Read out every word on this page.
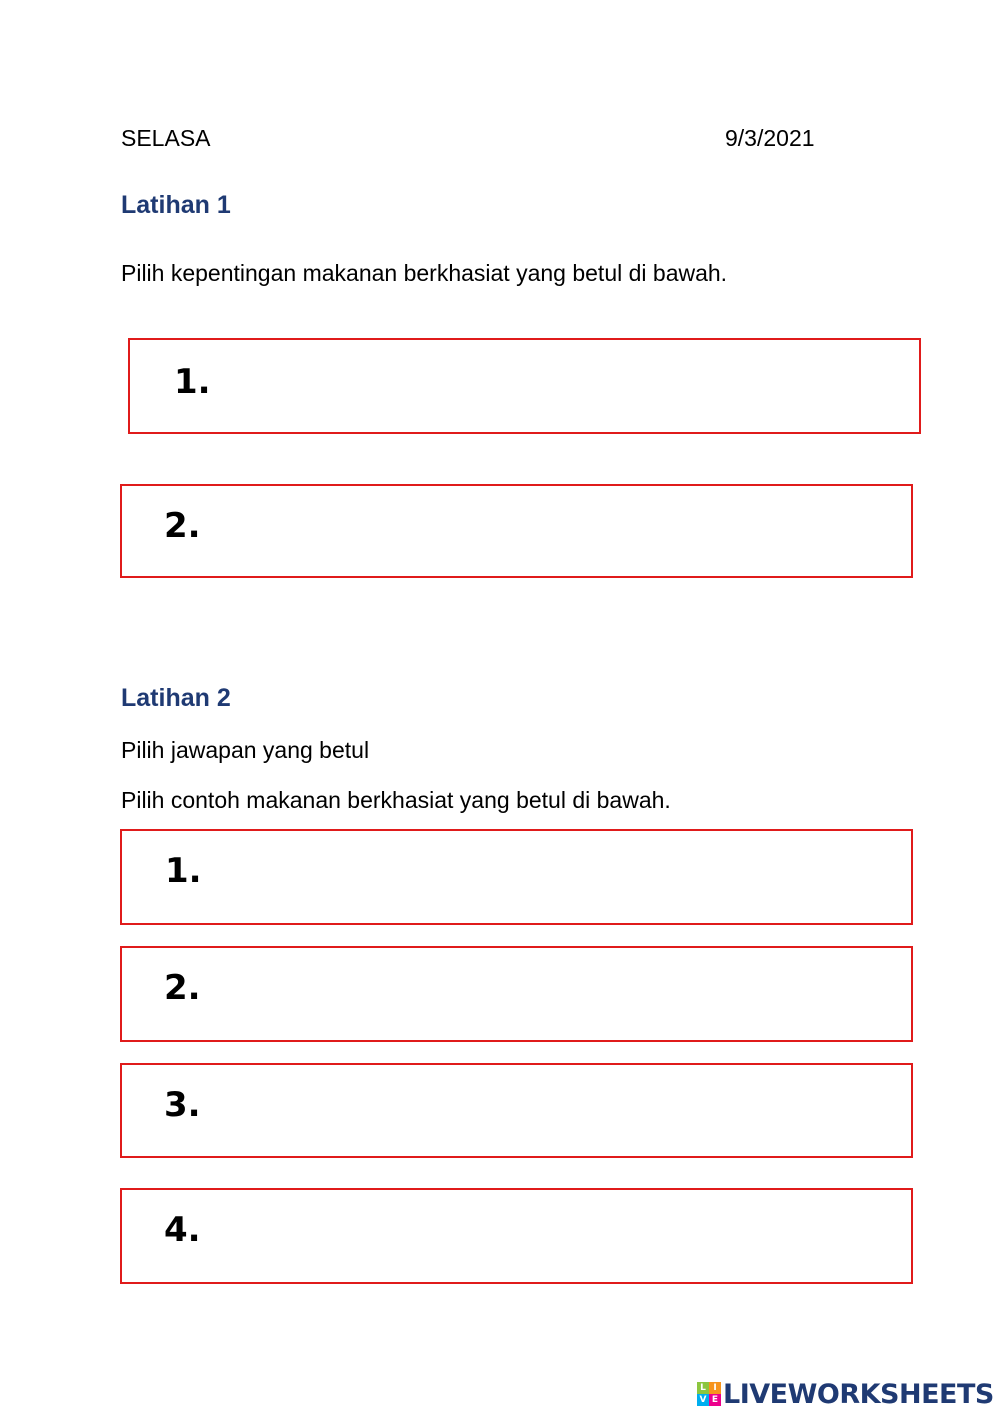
SELASA	9/3/2021
Latihan 1
Pilih kepentingan makanan berkhasiat yang betul di bawah.
1.
2.
Latihan 2
Pilih jawapan yang betul
Pilih contoh makanan berkhasiat yang betul di bawah.
1.
2.
3.
4.
L I
V E LIVEWORKSHEETS
